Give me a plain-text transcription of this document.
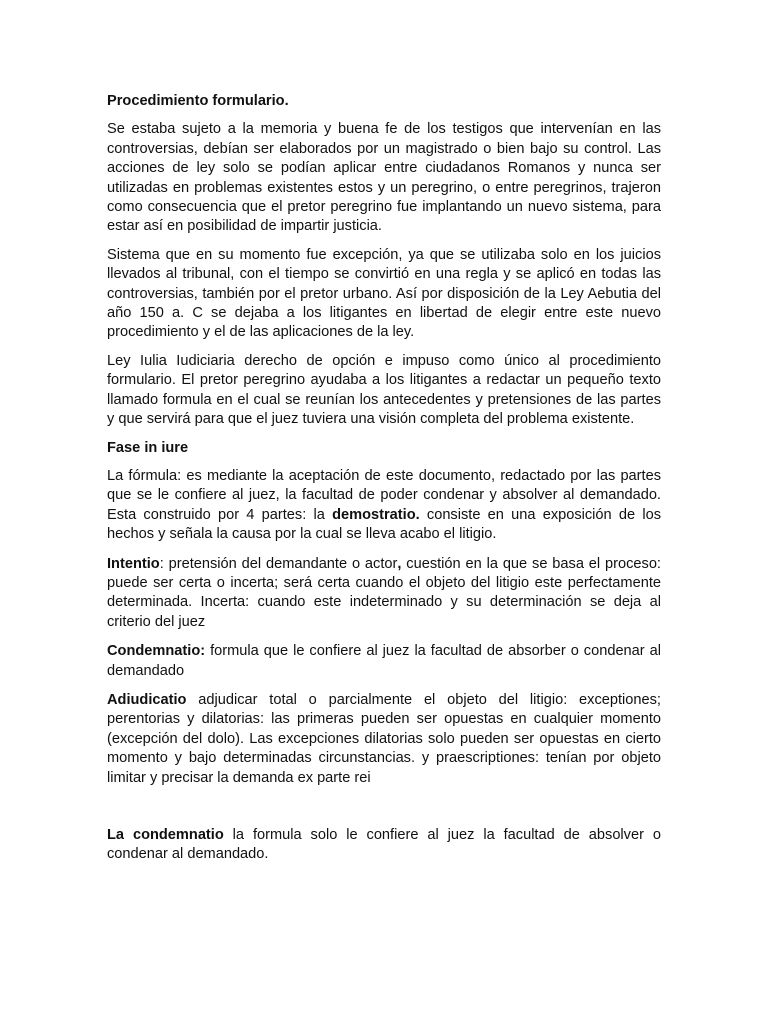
Procedimiento formulario.

Se estaba sujeto a la memoria y buena fe de los testigos que intervenían en las controversias, debían ser elaborados por un magistrado o bien bajo su control. Las acciones de ley solo se podían aplicar entre ciudadanos Romanos y nunca ser utilizadas en problemas existentes estos y un peregrino, o entre peregrinos, trajeron como consecuencia que el pretor peregrino fue implantando un nuevo sistema, para estar así en posibilidad de impartir justicia.

Sistema que en su momento fue excepción, ya que se utilizaba solo en los juicios llevados al tribunal, con el tiempo se convirtió en una regla y se aplicó en todas las controversias, también por el pretor urbano. Así por disposición de la Ley Aebutia del año 150 a. C se dejaba a los litigantes en libertad de elegir entre este nuevo procedimiento y el de las aplicaciones de la ley.

Ley Iulia Iudiciaria derecho de opción e impuso como único al procedimiento formulario. El pretor peregrino ayudaba a los litigantes a redactar un pequeño texto llamado formula en el cual se reunían los antecedentes y pretensiones de las partes y que servirá para que el juez tuviera una visión completa del problema existente.

Fase in iure

La fórmula: es mediante la aceptación de este documento, redactado por las partes que se le confiere al juez, la facultad de poder condenar y absolver al demandado. Esta construido por 4 partes: la demostratio. consiste en una exposición de los hechos y señala la causa por la cual se lleva acabo el litigio.

Intentio: pretensión del demandante o actor, cuestión en la que se basa el proceso: puede ser certa o incerta; será certa cuando el objeto del litigio este perfectamente determinada. Incerta: cuando este indeterminado y su determinación se deja al criterio del juez

Condemnatio: formula que le confiere al juez la facultad de absorber o condenar al demandado

Adiudicatio adjudicar total o parcialmente el objeto del litigio: exceptiones; perentorias y dilatorias: las primeras pueden ser opuestas en cualquier momento (excepción del dolo). Las excepciones dilatorias solo pueden ser opuestas en cierto momento y bajo determinadas circunstancias. y praescriptiones: tenían por objeto limitar y precisar la demanda ex parte rei

La condemnatio la formula solo le confiere al juez la facultad de absolver o condenar al demandado.
